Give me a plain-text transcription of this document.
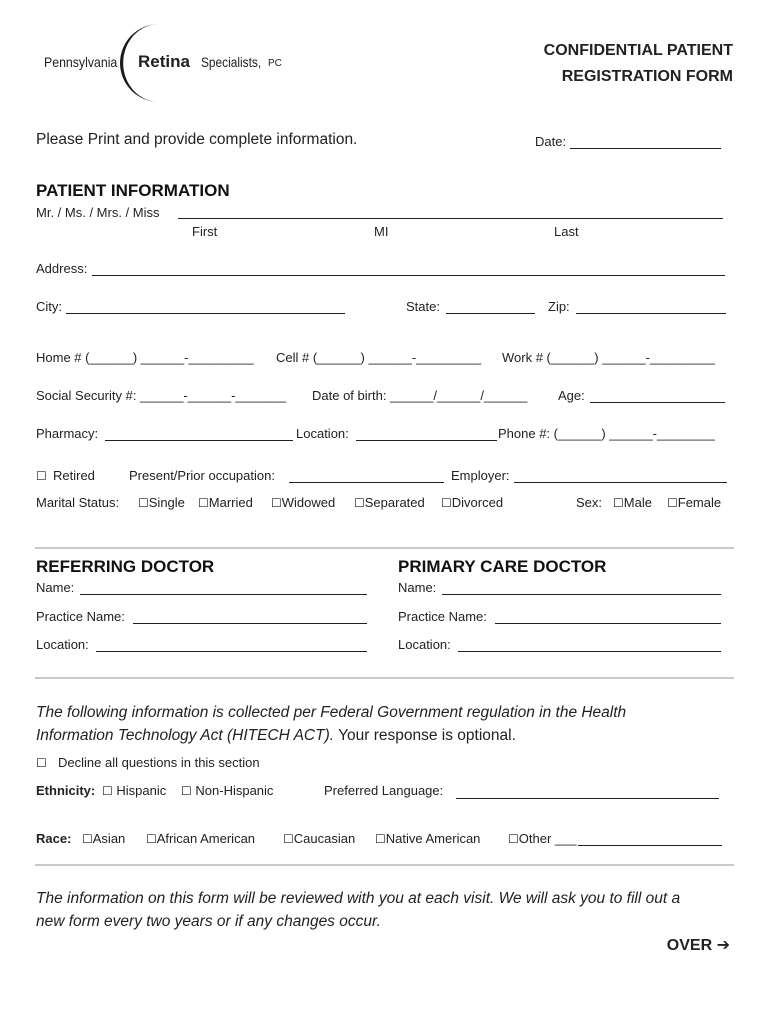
Pennsylvania Retina Specialists, PC
CONFIDENTIAL PATIENT
REGISTRATION FORM
Please Print and provide complete information.	Date:
PATIENT INFORMATION
Mr. / Ms. / Mrs. / Miss
First	MI	Last
Address:
City:	State:	Zip:
Home # (______) ______-_________ Cell # (______) ______-_________ Work # (______) ______-_________
Social Security #: ______-______-_______ Date of birth: ______/______/______ Age:
Pharmacy:	Location:	Phone #: (______) ______-________
☐ Retired	Present/Prior occupation:	Employer:
Marital Status: ☐Single ☐Married ☐Widowed ☐Separated ☐Divorced	Sex: ☐Male ☐Female
REFERRING DOCTOR
Name:
Practice Name:
Location:
PRIMARY CARE DOCTOR
Name:
Practice Name:
Location:
The following information is collected per Federal Government regulation in the Health
Information Technology Act (HITECH ACT). Your response is optional.
☐ Decline all questions in this section
Ethnicity: ☐ Hispanic ☐ Non-Hispanic	Preferred Language:
Race: ☐Asian ☐African American ☐Caucasian ☐Native American ☐Other ___
The information on this form will be reviewed with you at each visit. We will ask you to fill out a
new form every two years or if any changes occur.
OVER ➔
